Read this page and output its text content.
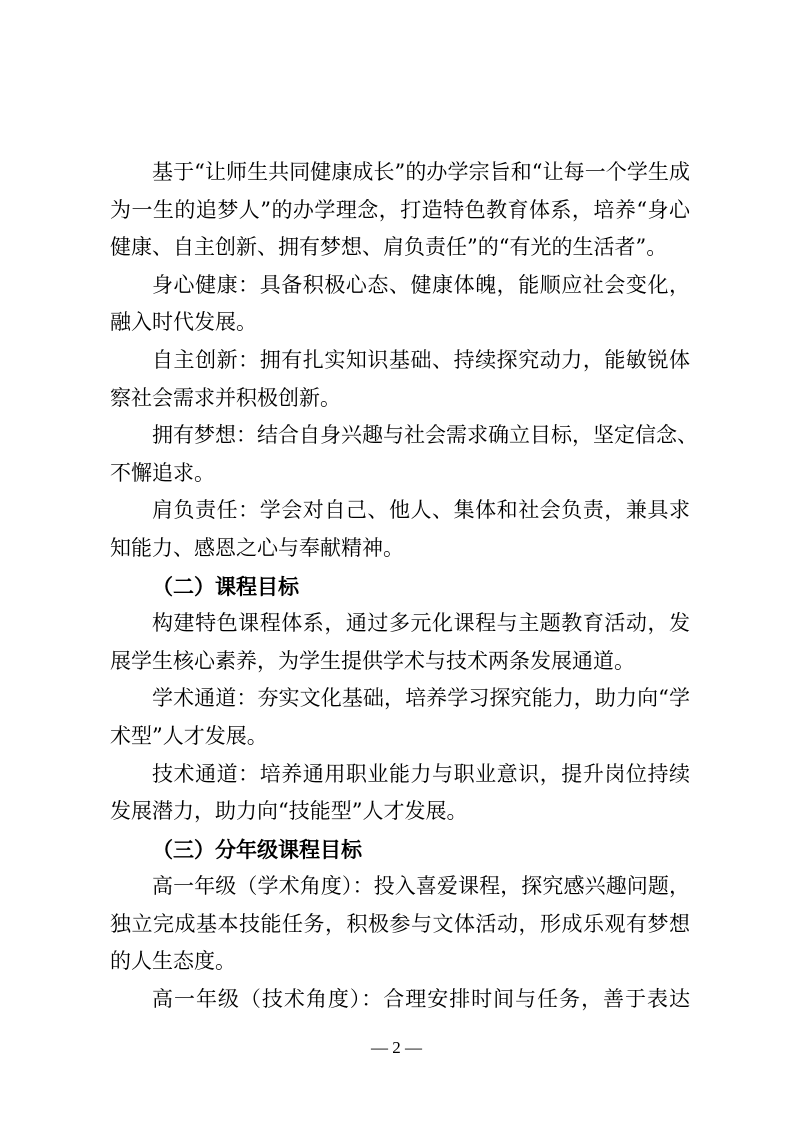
基于“让师生共同健康成长”的办学宗旨和“让每一个学生成
为一生的追梦人”的办学理念，打造特色教育体系，培养“身心
健康、自主创新、拥有梦想、肩负责任”的“有光的生活者”。
身心健康：具备积极心态、健康体魄，能顺应社会变化，
融入时代发展。
自主创新：拥有扎实知识基础、持续探究动力，能敏锐体
察社会需求并积极创新。
拥有梦想：结合自身兴趣与社会需求确立目标，坚定信念、
不懈追求。
肩负责任：学会对自己、他人、集体和社会负责，兼具求
知能力、感恩之心与奉献精神。
（二）课程目标
构建特色课程体系，通过多元化课程与主题教育活动，发
展学生核心素养，为学生提供学术与技术两条发展通道。
学术通道：夯实文化基础，培养学习探究能力，助力向“学
术型”人才发展。
技术通道：培养通用职业能力与职业意识，提升岗位持续
发展潜力，助力向“技能型”人才发展。
（三）分年级课程目标
高一年级（学术角度）：投入喜爱课程，探究感兴趣问题，
独立完成基本技能任务，积极参与文体活动，形成乐观有梦想
的人生态度。
高一年级（技术角度）：合理安排时间与任务，善于表达
— 2 —
